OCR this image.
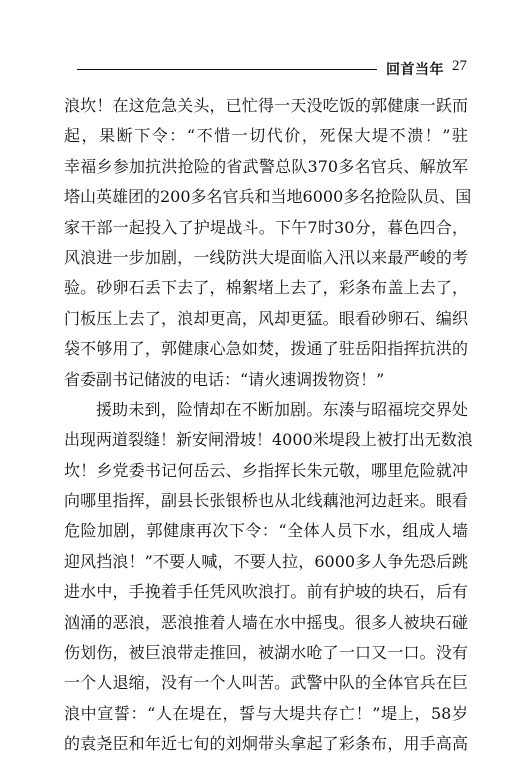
回首当年 27
浪坎！在这危急关头，已忙得一天没吃饭的郭健康一跃而
起，果断下令：“不惜一切代价，死保大堤不溃！”驻
幸福乡参加抗洪抢险的省武警总队370多名官兵、解放军
塔山英雄团的200多名官兵和当地6000多名抢险队员、国
家干部一起投入了护堤战斗。下午7时30分，暮色四合，
风浪进一步加剧，一线防洪大堤面临入汛以来最严峻的考
验。砂卵石丢下去了，棉絮堵上去了，彩条布盖上去了，
门板压上去了，浪却更高，风却更猛。眼看砂卵石、编织
袋不够用了，郭健康心急如焚，拨通了驻岳阳指挥抗洪的
省委副书记储波的电话：“请火速调拨物资！”
援助未到，险情却在不断加剧。东湊与昭福垸交界处
出现两道裂缝！新安闸滑坡！4000米堤段上被打出无数浪
坎！乡党委书记何岳云、乡指挥长朱元敬，哪里危险就冲
向哪里指挥，副县长张银桥也从北线藕池河边赶来。眼看
危险加剧，郭健康再次下令：“全体人员下水，组成人墙
迎风挡浪！”不要人喊，不要人拉，6000多人争先恐后跳
进水中，手挽着手任凭风吹浪打。前有护坡的块石，后有
汹涌的恶浪，恶浪推着人墙在水中摇曳。很多人被块石碰
伤划伤，被巨浪带走推回，被湖水呛了一口又一口。没有
一个人退缩，没有一个人叫苦。武警中队的全体官兵在巨
浪中宣誓：“人在堤在，誓与大堤共存亡！”堤上，58岁
的袁尧臣和年近七旬的刘炯带头拿起了彩条布，用手高高
